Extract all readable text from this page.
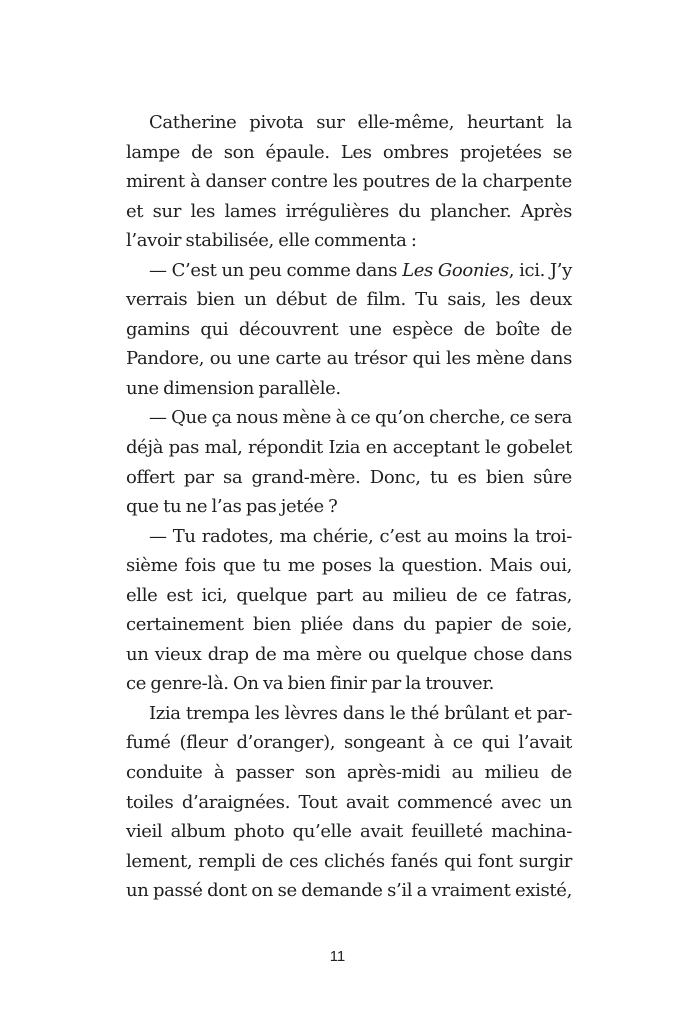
Catherine pivota sur elle-même, heurtant la
lampe de son épaule. Les ombres projetées se
mirent à danser contre les poutres de la charpente
et sur les lames irrégulières du plancher. Après
l’avoir stabilisée, elle commenta :
— C’est un peu comme dans Les Goonies, ici. J’y
verrais bien un début de film. Tu sais, les deux
gamins qui découvrent une espèce de boîte de
Pandore, ou une carte au trésor qui les mène dans
une dimension parallèle.
— Que ça nous mène à ce qu’on cherche, ce sera
déjà pas mal, répondit Izia en acceptant le gobelet
offert par sa grand-mère. Donc, tu es bien sûre
que tu ne l’as pas jetée ?
— Tu radotes, ma chérie, c’est au moins la troi-
sième fois que tu me poses la question. Mais oui,
elle est ici, quelque part au milieu de ce fatras,
certainement bien pliée dans du papier de soie,
un vieux drap de ma mère ou quelque chose dans
ce genre-là. On va bien finir par la trouver.
Izia trempa les lèvres dans le thé brûlant et par-
fumé (fleur d’oranger), songeant à ce qui l’avait
conduite à passer son après-midi au milieu de
toiles d’araignées. Tout avait commencé avec un
vieil album photo qu’elle avait feuilleté machina-
lement, rempli de ces clichés fanés qui font surgir
un passé dont on se demande s’il a vraiment existé,
11
